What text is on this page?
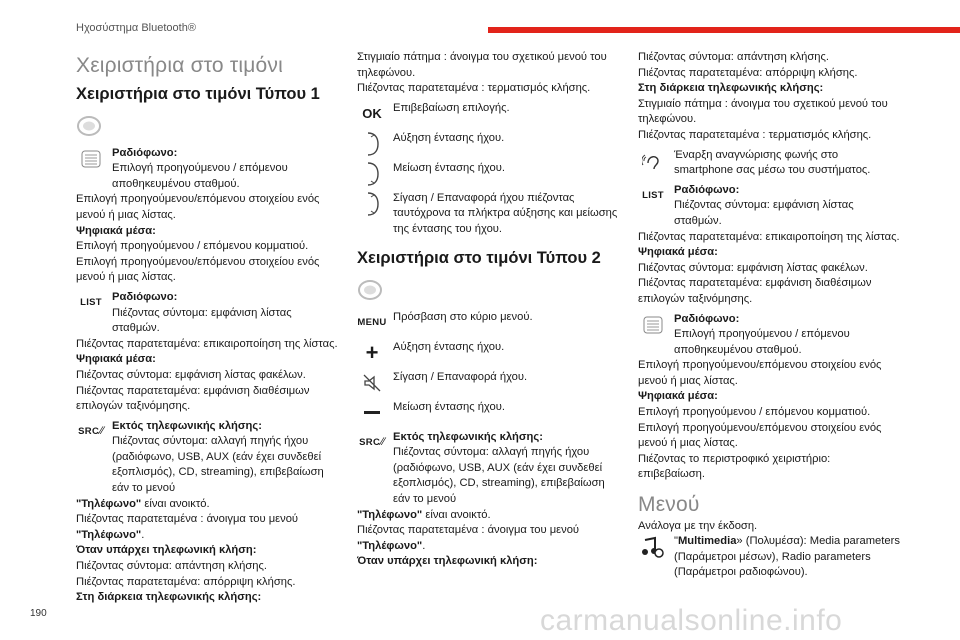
Ηχοσύστημα Bluetooth®
Χειριστήρια στο τιμόνι
Χειριστήρια στο τιμόνι Τύπου 1
Ραδιόφωνο:
Επιλογή προηγούμενου / επόμενου αποθηκευμένου σταθμού.

Επιλογή προηγούμενου/επόμενου στοιχείου ενός μενού ή μιας λίστας.

Ψηφιακά μέσα:

Επιλογή προηγούμενου / επόμενου κομματιού.

Επιλογή προηγούμενου/επόμενου στοιχείου ενός μενού ή μιας λίστας.

LIST Ραδιόφωνο:
Πιέζοντας σύντομα: εμφάνιση λίστας σταθμών.

Πιέζοντας παρατεταμένα: επικαιροποίηση της λίστας.

Ψηφιακά μέσα:

Πιέζοντας σύντομα: εμφάνιση λίστας φακέλων.

Πιέζοντας παρατεταμένα: εμφάνιση διαθέσιμων επιλογών ταξινόμησης.

SRC ∕∕ Εκτός τηλεφωνικής κλήσης:
Πιέζοντας σύντομα: αλλαγή πηγής ήχου (ραδιόφωνο, USB, AUX (εάν έχει συνδεθεί εξοπλισμός), CD, streaming), επιβεβαίωση εάν το μενού

"Τηλέφωνο" είναι ανοικτό.

Πιέζοντας παρατεταμένα : άνοιγμα του μενού "Τηλέφωνο".

Όταν υπάρχει τηλεφωνική κλήση:

Πιέζοντας σύντομα: απάντηση κλήσης.

Πιέζοντας παρατεταμένα: απόρριψη κλήσης.

Στη διάρκεια τηλεφωνικής κλήσης:

Στιγμιαίο πάτημα : άνοιγμα του σχετικού μενού του τηλεφώνου.

Πιέζοντας παρατεταμένα : τερματισμός κλήσης.

OK Επιβεβαίωση επιλογής.
Αύξηση έντασης ήχου.
Μείωση έντασης ήχου.
Σίγαση / Επαναφορά ήχου πιέζοντας ταυτόχρονα τα πλήκτρα αύξησης και μείωσης της έντασης του ήχου.
Χειριστήρια στο τιμόνι Τύπου 2
MENU Πρόσβαση στο κύριο μενού.
+	Αύξηση έντασης ήχου.
Σίγαση / Επαναφορά ήχου.
Μείωση έντασης ήχου.
SRC ∕∕ Εκτός τηλεφωνικής κλήσης:
Πιέζοντας σύντομα: αλλαγή πηγής ήχου (ραδιόφωνο, USB, AUX (εάν έχει συνδεθεί εξοπλισμός), CD, streaming), επιβεβαίωση εάν το μενού

"Τηλέφωνο" είναι ανοικτό.

Πιέζοντας παρατεταμένα : άνοιγμα του μενού "Τηλέφωνο".

Όταν υπάρχει τηλεφωνική κλήση:

Πιέζοντας σύντομα: απάντηση κλήσης.

Πιέζοντας παρατεταμένα: απόρριψη κλήσης.

Στη διάρκεια τηλεφωνικής κλήσης:

Στιγμιαίο πάτημα : άνοιγμα του σχετικού μενού του τηλεφώνου.

Πιέζοντας παρατεταμένα : τερματισμός κλήσης.

Έναρξη αναγνώρισης φωνής στο smartphone σας μέσω του συστήματος.
LIST Ραδιόφωνο:
Πιέζοντας σύντομα: εμφάνιση λίστας σταθμών.

Πιέζοντας παρατεταμένα: επικαιροποίηση της λίστας.

Ψηφιακά μέσα:

Πιέζοντας σύντομα: εμφάνιση λίστας φακέλων.

Πιέζοντας παρατεταμένα: εμφάνιση διαθέσιμων επιλογών ταξινόμησης.

Ραδιόφωνο:
Επιλογή προηγούμενου / επόμενου αποθηκευμένου σταθμού.

Επιλογή προηγούμενου/επόμενου στοιχείου ενός μενού ή μιας λίστας.

Ψηφιακά μέσα:

Επιλογή προηγούμενου / επόμενου κομματιού.

Επιλογή προηγούμενου/επόμενου στοιχείου ενός μενού ή μιας λίστας.

Πιέζοντας το περιστροφικό χειριστήριο: επιβεβαίωση.

Μενού

Ανάλογα με την έκδοση.

"Multimedia» (Πολυμέσα): Media parameters (Παράμετροι μέσων), Radio parameters (Παράμετροι ραδιοφώνου).
190	carmanualsonline.info
